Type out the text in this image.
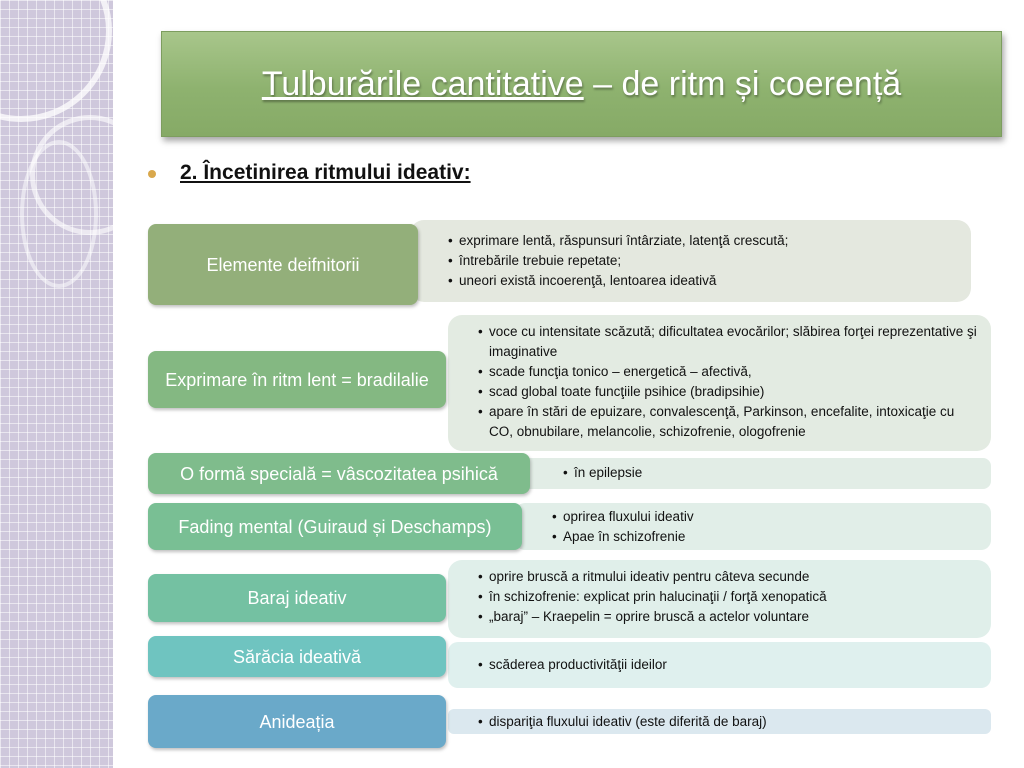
Tulburările cantitative – de ritm și coerență
2. Încetinirea ritmului ideativ:
Elemente deifnitorii
• exprimare lentă, răspunsuri întârziate, latenţă crescută;
• întrebările trebuie repetate;
• uneori există incoerenţă, lentoarea ideativă
Exprimare în ritm lent = bradilalie
• voce cu intensitate scăzută; dificultatea evocărilor; slăbirea forţei reprezentative şi imaginative
• scade funcţia tonico – energetică – afectivă,
• scad global toate funcţiile psihice (bradipsihie)
• apare în stări de epuizare, convalescenţă, Parkinson, encefalite, intoxicaţie cu CO, obnubilare, melancolie, schizofrenie, ologofrenie
O formă specială = vâscozitatea psihică	• în epilepsie
Fading mental (Guiraud și Deschamps)	• oprirea fluxului ideativ
• Apae în schizofrenie
Baraj ideativ
• oprire bruscă a ritmului ideativ pentru câteva secunde
• în schizofrenie: explicat prin halucinaţii / forţă xenopatică
• „baraj” – Kraepelin = oprire bruscă a actelor voluntare
Sărăcia ideativă	• scăderea productivităţii ideilor
Anideația	• dispariţia fluxului ideativ (este diferită de baraj)
